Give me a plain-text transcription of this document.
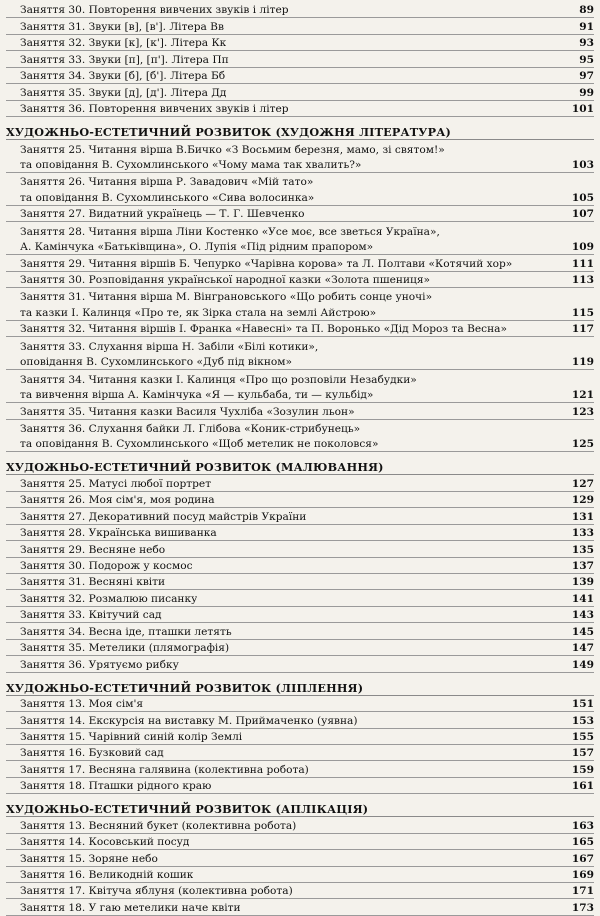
Заняття 30. Повторення вивчених звуків і літер	89
Заняття 31. Звуки [в], [в']. Літера Вв	91
Заняття 32. Звуки [к], [к']. Літера Кк	93
Заняття 33. Звуки [п], [п']. Літера Пп	95
Заняття 34. Звуки [б], [б']. Літера Бб	97
Заняття 35. Звуки [д], [д']. Літера Дд	99
Заняття 36. Повторення вивчених звуків і літер	101
ХУДОЖНЬО-ЕСТЕТИЧНИЙ РОЗВИТОК (ХУДОЖНЯ ЛІТЕРАТУРА)
Заняття 25. Читання вірша В.Бичко «З Восьмим березня, мамо, зі святом!»
та оповідання В. Сухомлинського «Чому мама так хвалить?»	103
Заняття 26. Читання вірша Р. Завадович «Мій тато»
та оповідання В. Сухомлинського «Сива волосинка»	105
Заняття 27. Видатний українець — Т. Г. Шевченко	107
Заняття 28. Читання вірша Ліни Костенко «Усе моє, все зветься Україна»,
А. Камінчука «Батьківщина», О. Лупія «Під рідним прапором»	109
Заняття 29. Читання віршів Б. Чепурко «Чарівна корова» та Л. Полтави «Котячий хор»	111
Заняття 30. Розповідання української народної казки «Золота пшениця»	113
Заняття 31. Читання вірша М. Вінграновського «Що робить сонце уночі»
та казки І. Калинця «Про те, як Зірка стала на землі Айстрою»	115
Заняття 32. Читання віршів І. Франка «Навесні» та П. Воронько «Дід Мороз та Весна»	117
Заняття 33. Слухання вірша Н. Забіли «Білі котики»,
оповідання В. Сухомлинського «Дуб під вікном»	119
Заняття 34. Читання казки І. Калинця «Про що розповіли Незабудки»
та вивчення вірша А. Камінчука «Я — кульбаба, ти — кульбід»	121
Заняття 35. Читання казки Василя Чухліба «Зозулин льон»	123
Заняття 36. Слухання байки Л. Глібова «Коник-стрибунець»
та оповідання В. Сухомлинського «Щоб метелик не поколовся»	125
ХУДОЖНЬО-ЕСТЕТИЧНИЙ РОЗВИТОК (МАЛЮВАННЯ)
Заняття 25. Матусі любої портрет	127
Заняття 26. Моя сім'я, моя родина	129
Заняття 27. Декоративний посуд майстрів України	131
Заняття 28. Українська вишиванка	133
Заняття 29. Весняне небо	135
Заняття 30. Подорож у космос	137
Заняття 31. Весняні квіти	139
Заняття 32. Розмалюю писанку	141
Заняття 33. Квітучий сад	143
Заняття 34. Весна іде, пташки летять	145
Заняття 35. Метелики (плямографія)	147
Заняття 36. Урятуємо рибку	149
ХУДОЖНЬО-ЕСТЕТИЧНИЙ РОЗВИТОК (ЛІПЛЕННЯ)
Заняття 13. Моя сім'я	151
Заняття 14. Екскурсія на виставку М. Приймаченко (уявна)	153
Заняття 15. Чарівний синій колір Землі	155
Заняття 16. Бузковий сад	157
Заняття 17. Весняна галявина (колективна робота)	159
Заняття 18. Пташки рідного краю	161
ХУДОЖНЬО-ЕСТЕТИЧНИЙ РОЗВИТОК (АПЛІКАЦІЯ)
Заняття 13. Весняний букет (колективна робота)	163
Заняття 14. Косовський посуд	165
Заняття 15. Зоряне небо	167
Заняття 16. Великодній кошик	169
Заняття 17. Квітуча яблуня (колективна робота)	171
Заняття 18. У гаю метелики наче квіти	173
